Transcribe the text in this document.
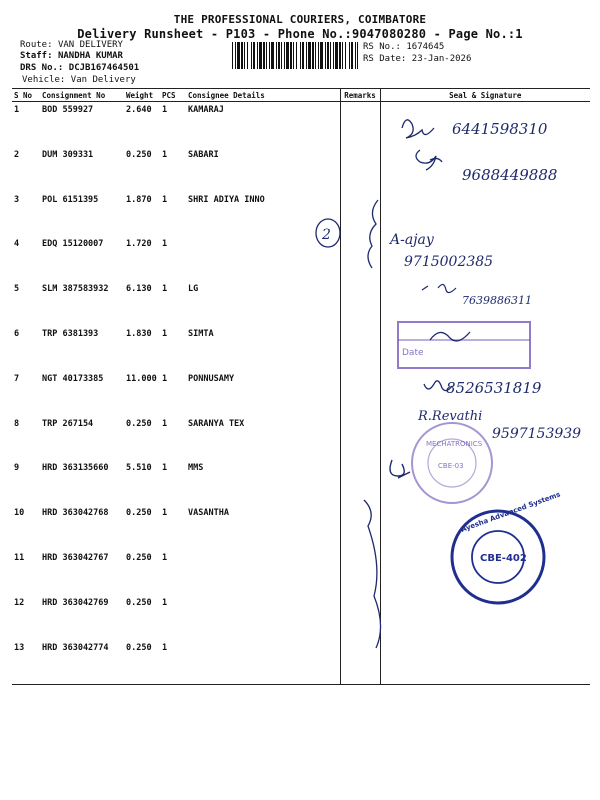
THE PROFESSIONAL COURIERS, COIMBATORE
Delivery Runsheet - P103 - Phone No.:9047080280 - Page No.:1
Route: VAN DELIVERY
Staff: NANDHA KUMAR
DRS No.: DCJB167464501
Vehicle: Van Delivery
RS No.: 1674645
RS Date: 23-Jan-2026
S No	Consignment No	Weight	PCS	Consignee Details	Remarks	Seal & Signature
1	BOD 559927	2.640	1	KAMARAJ		
2	DUM 309331	0.250	1	SABARI		
3	POL 6151395	1.870	1	SHRI ADIYA INNO		
4	EDQ 15120007	1.720	1			
5	SLM 387583932	6.130	1	LG		
6	TRP 6381393	1.830	1	SIMTA		
7	NGT 40173385	11.000	1	PONNUSAMY		
8	TRP 267154	0.250	1	SARANYA TEX		
9	HRD 363135660	5.510	1	MMS		
10	HRD 363042768	0.250	1	VASANTHA		
11	HRD 363042767	0.250	1			
12	HRD 363042769	0.250	1			
13	HRD 363042774	0.250	1			
6441598310
9688449888
2	A-ajay
9715002385
7639886311
Date
8526531819
R.Revathi
9597153939
MECHATRONICS
CBE-03
Ayesha Advanced Systems
CBE-402
